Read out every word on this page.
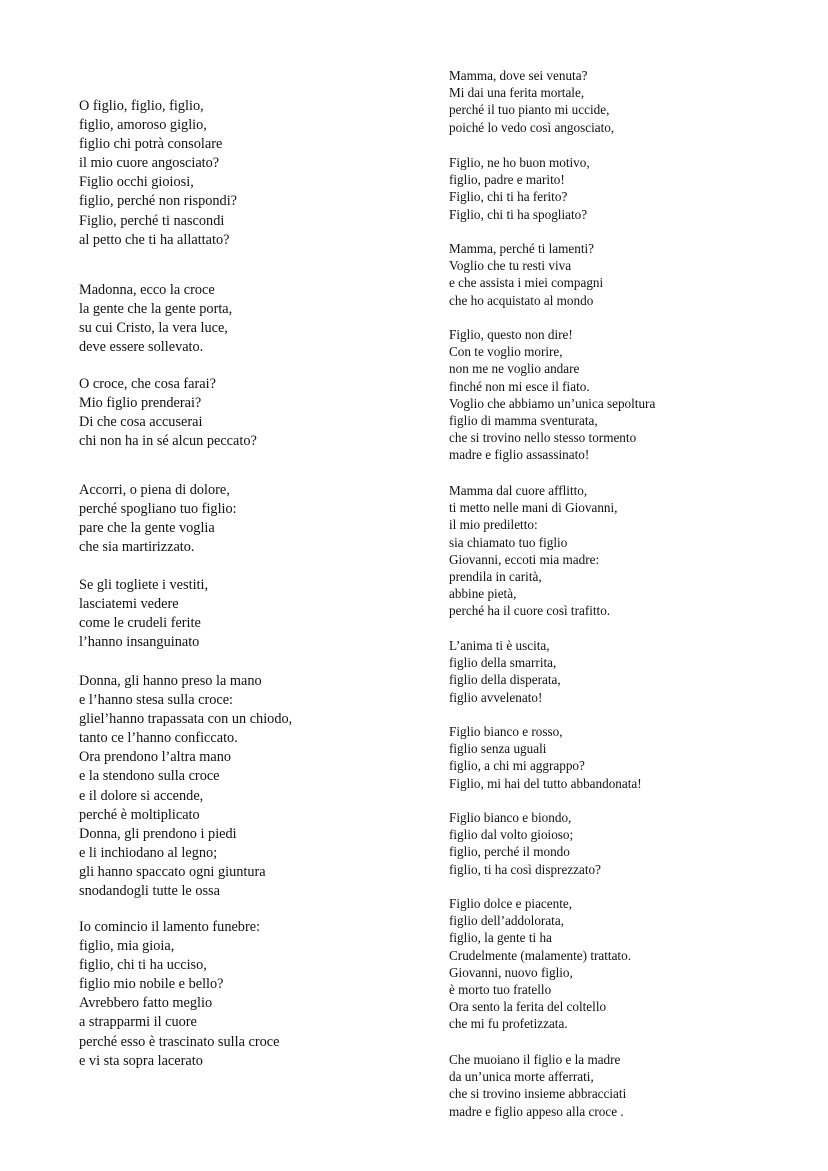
O figlio, figlio, figlio,
figlio, amoroso giglio,
figlio chi potrà consolare
il mio cuore angosciato?
Figlio occhi gioiosi,
figlio, perché non rispondi?
Figlio, perché ti nascondi
al petto che ti ha allattato?
Madonna, ecco la croce
la gente che la gente porta,
su cui Cristo, la vera luce,
deve essere sollevato.
O croce, che cosa farai?
Mio figlio prenderai?
Di che cosa accuserai
chi non ha in sé alcun peccato?
Accorri, o piena di dolore,
perché spogliano tuo figlio:
pare che la gente voglia
che sia martirizzato.
Se gli togliete i vestiti,
lasciatemi vedere
come le crudeli ferite
l’hanno insanguinato
Donna, gli hanno preso la mano
e l’hanno stesa sulla croce:
gliel’hanno trapassata con un chiodo,
tanto ce l’hanno conficcato.
Ora prendono l’altra mano
e la stendono sulla croce
e il dolore si accende,
perché è moltiplicato
Donna, gli prendono i piedi
e li inchiodano al legno;
gli hanno spaccato ogni giuntura
snodandogli tutte le ossa
Io comincio il lamento funebre:
figlio, mia gioia,
figlio, chi ti ha ucciso,
figlio mio nobile e bello?
Avrebbero fatto meglio
a strapparmi il cuore
perché esso è trascinato sulla croce
e vi sta sopra lacerato
Mamma, dove sei venuta?
Mi dai una ferita mortale,
perché il tuo pianto mi uccide,
poiché lo vedo così angosciato,
Figlio, ne ho buon motivo,
figlio, padre e marito!
Figlio, chi ti ha ferito?
Figlio, chi ti ha spogliato?
Mamma, perché ti lamenti?
Voglio che tu resti viva
e che assista i miei compagni
che ho acquistato al mondo
Figlio, questo non dire!
Con te voglio morire,
non me ne voglio andare
finché non mi esce il fiato.
Voglio che abbiamo un’unica sepoltura
figlio di mamma sventurata,
che si trovino nello stesso tormento
madre e figlio assassinato!
Mamma dal cuore afflitto,
ti metto nelle mani di Giovanni,
il mio prediletto:
sia chiamato tuo figlio
Giovanni, eccoti mia madre:
prendila in carità,
abbine pietà,
perché ha il cuore così trafitto.
L’anima ti è uscita,
figlio della smarrita,
figlio della disperata,
figlio avvelenato!
Figlio bianco e rosso,
figlio senza uguali
figlio, a chi mi aggrappo?
Figlio, mi hai del tutto abbandonata!
Figlio bianco e biondo,
figlio dal volto gioioso;
figlio, perché il mondo
figlio, ti ha così disprezzato?
Figlio dolce e piacente,
figlio dell’addolorata,
figlio, la gente ti ha
Crudelmente (malamente) trattato.
Giovanni, nuovo figlio,
è morto tuo fratello
Ora sento la ferita del coltello
che mi fu profetizzata.
Che muoiano il figlio e la madre
da un’unica morte afferrati,
che si trovino insieme abbracciati
madre e figlio appeso alla croce .
